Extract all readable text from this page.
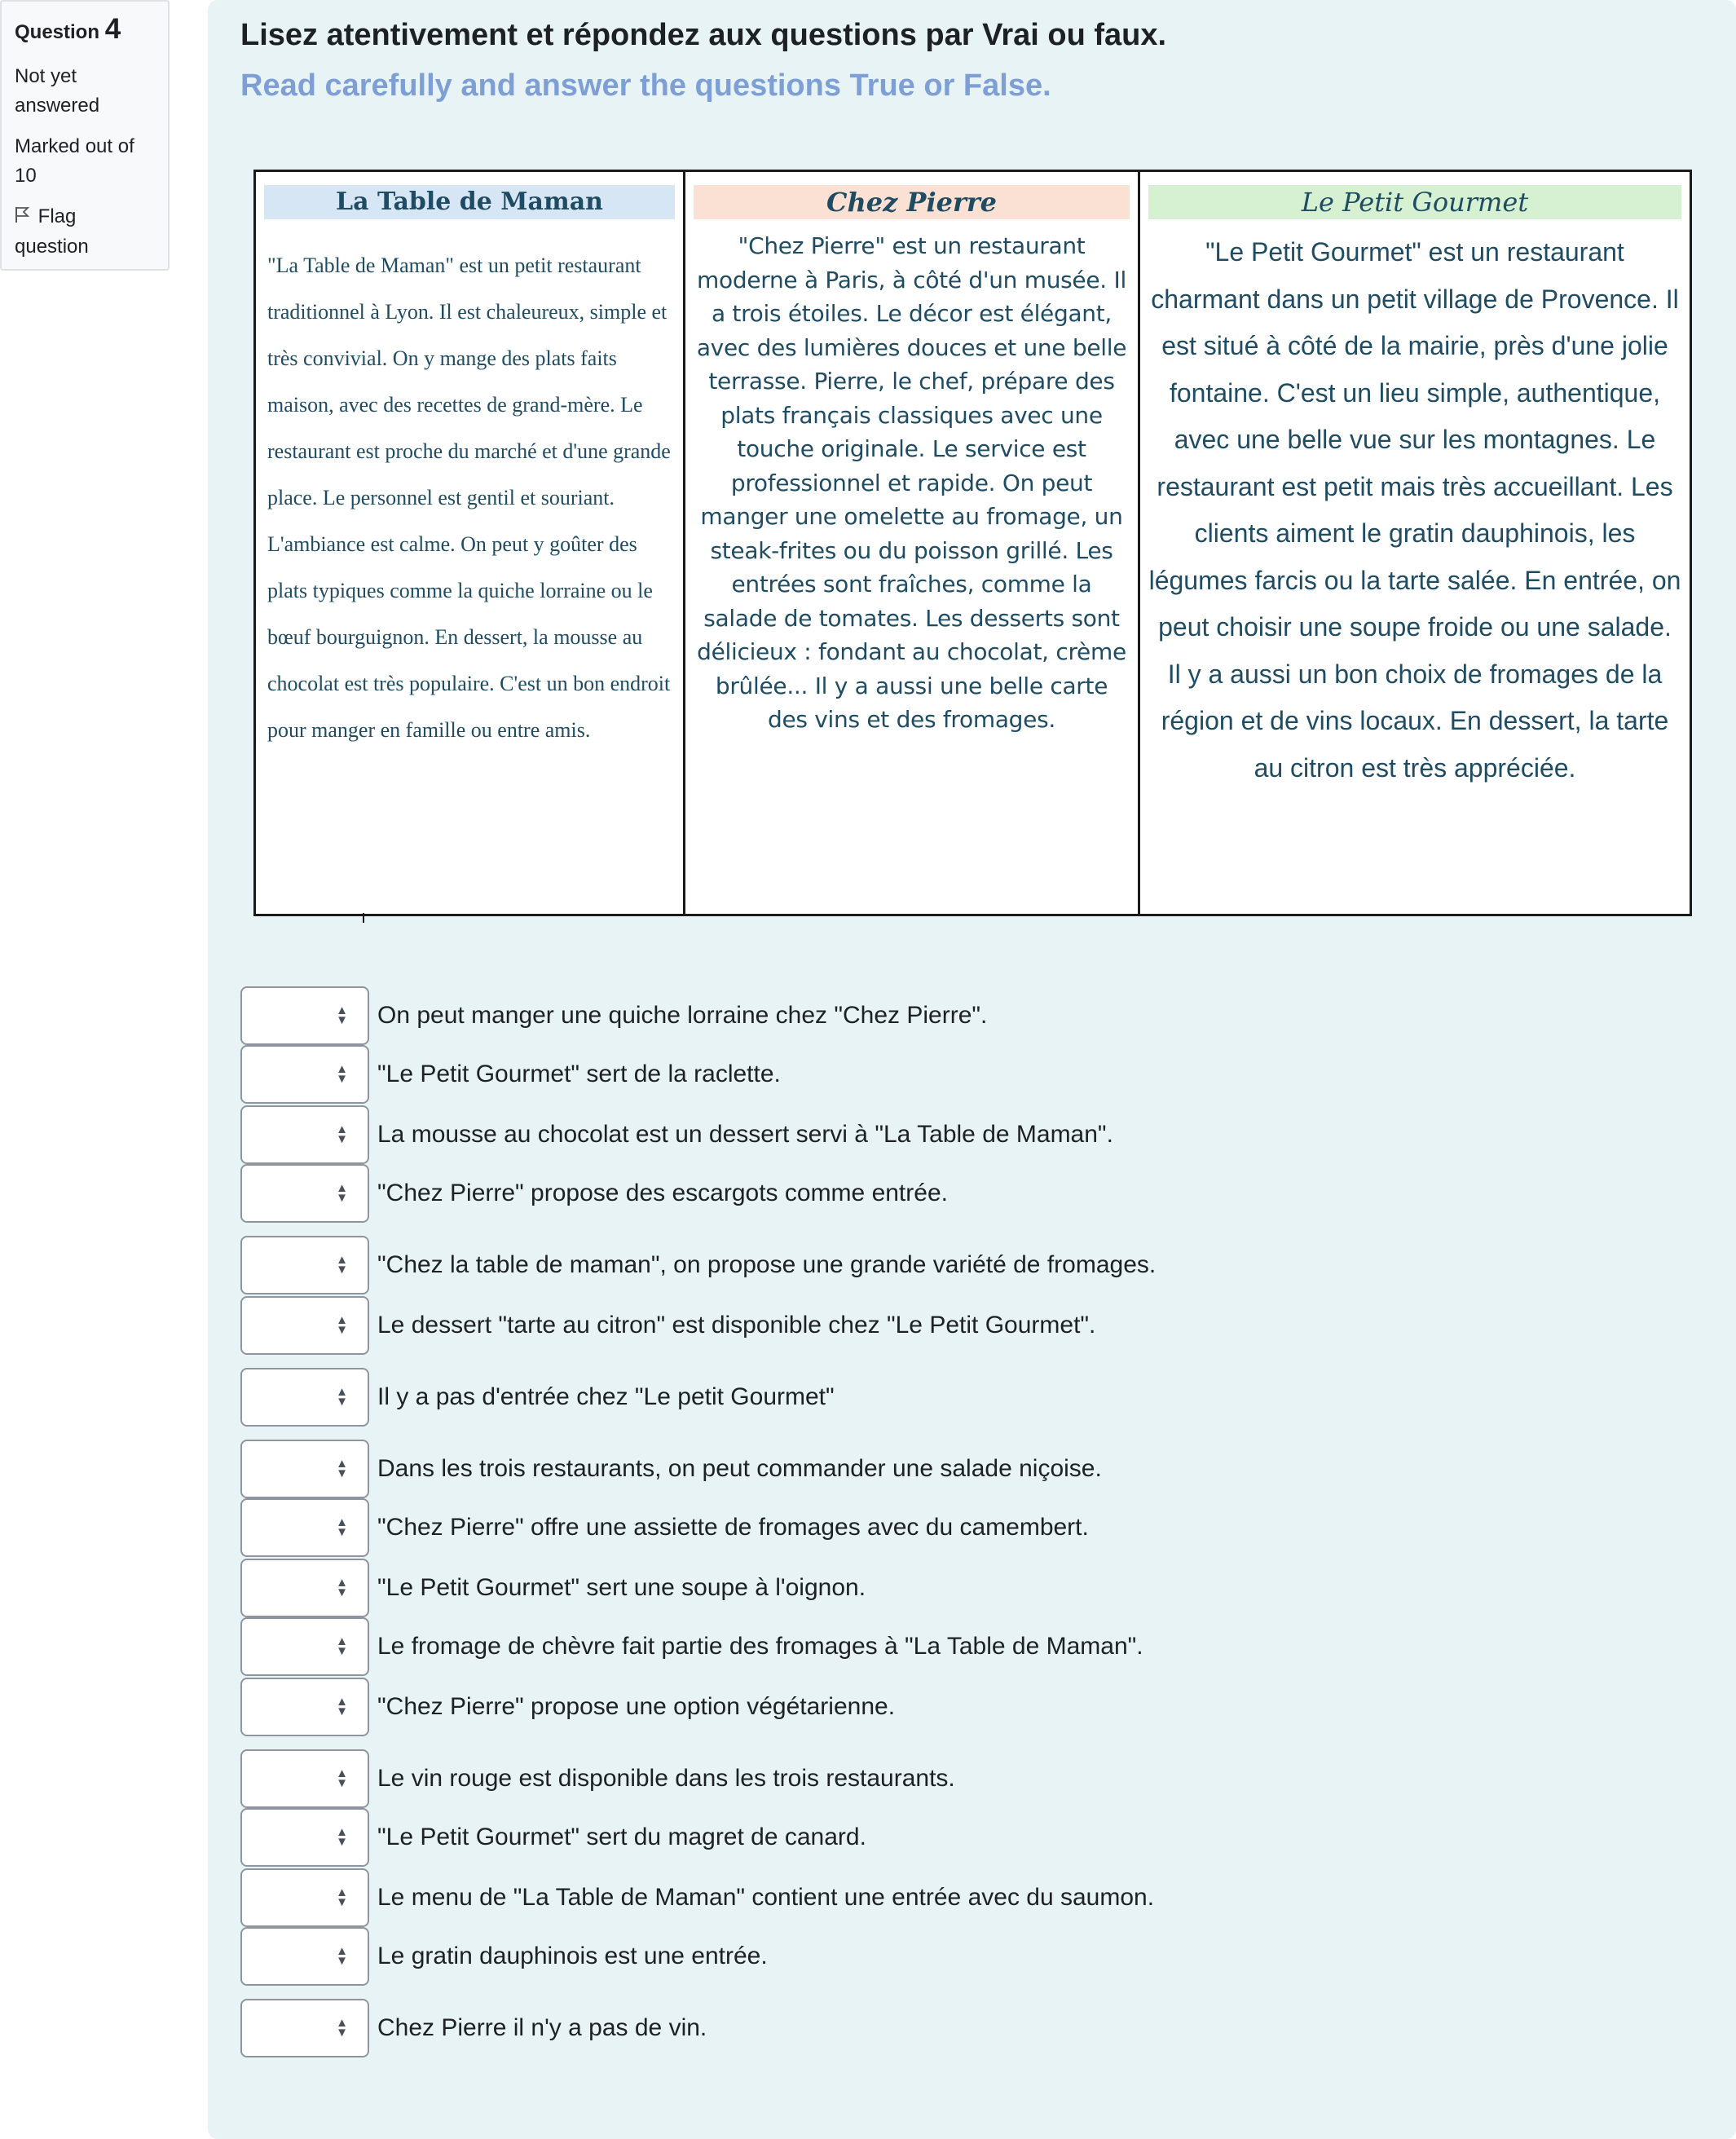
Question 4
Not yet answered
Marked out of 10
Flag question
Lisez atentivement et répondez aux questions par Vrai ou faux.
Read carefully and answer the questions True or False.
La Table de Maman
"La Table de Maman" est un petit restaurant traditionnel à Lyon. Il est chaleureux, simple et très convivial. On y mange des plats faits maison, avec des recettes de grand-mère. Le restaurant est proche du marché et d'une grande place. Le personnel est gentil et souriant. L'ambiance est calme. On peut y goûter des plats typiques comme la quiche lorraine ou le bœuf bourguignon. En dessert, la mousse au chocolat est très populaire. C'est un bon endroit pour manger en famille ou entre amis.
Chez Pierre
"Chez Pierre" est un restaurant moderne à Paris, à côté d'un musée. Il a trois étoiles. Le décor est élégant, avec des lumières douces et une belle terrasse. Pierre, le chef, prépare des plats français classiques avec une touche originale. Le service est professionnel et rapide. On peut manger une omelette au fromage, un steak-frites ou du poisson grillé. Les entrées sont fraîches, comme la salade de tomates. Les desserts sont délicieux : fondant au chocolat, crème brûlée... Il y a aussi une belle carte des vins et des fromages.
Le Petit Gourmet
"Le Petit Gourmet" est un restaurant charmant dans un petit village de Provence. Il est situé à côté de la mairie, près d'une jolie fontaine. C'est un lieu simple, authentique, avec une belle vue sur les montagnes. Le restaurant est petit mais très accueillant. Les clients aiment le gratin dauphinois, les légumes farcis ou la tarte salée. En entrée, on peut choisir une soupe froide ou une salade. Il y a aussi un bon choix de fromages de la région et de vins locaux. En dessert, la tarte au citron est très appréciée.
▲
▼ On peut manger une quiche lorraine chez "Chez Pierre".
▲
▼ "Le Petit Gourmet" sert de la raclette.
▲
▼ La mousse au chocolat est un dessert servi à "La Table de Maman".
▲
▼ "Chez Pierre" propose des escargots comme entrée.
▲
▼ "Chez la table de maman", on propose une grande variété de fromages.
▲
▼ Le dessert "tarte au citron" est disponible chez "Le Petit Gourmet".
▲
▼ Il y a pas d'entrée chez "Le petit Gourmet"
▲
▼ Dans les trois restaurants, on peut commander une salade niçoise.
▲
▼ "Chez Pierre" offre une assiette de fromages avec du camembert.
▲
▼ "Le Petit Gourmet" sert une soupe à l'oignon.
▲
▼ Le fromage de chèvre fait partie des fromages à "La Table de Maman".
▲
▼ "Chez Pierre" propose une option végétarienne.
▲
▼ Le vin rouge est disponible dans les trois restaurants.
▲
▼ "Le Petit Gourmet" sert du magret de canard.
▲
▼ Le menu de "La Table de Maman" contient une entrée avec du saumon.
▲
▼ Le gratin dauphinois est une entrée.
▲
▼ Chez Pierre il n'y a pas de vin.
